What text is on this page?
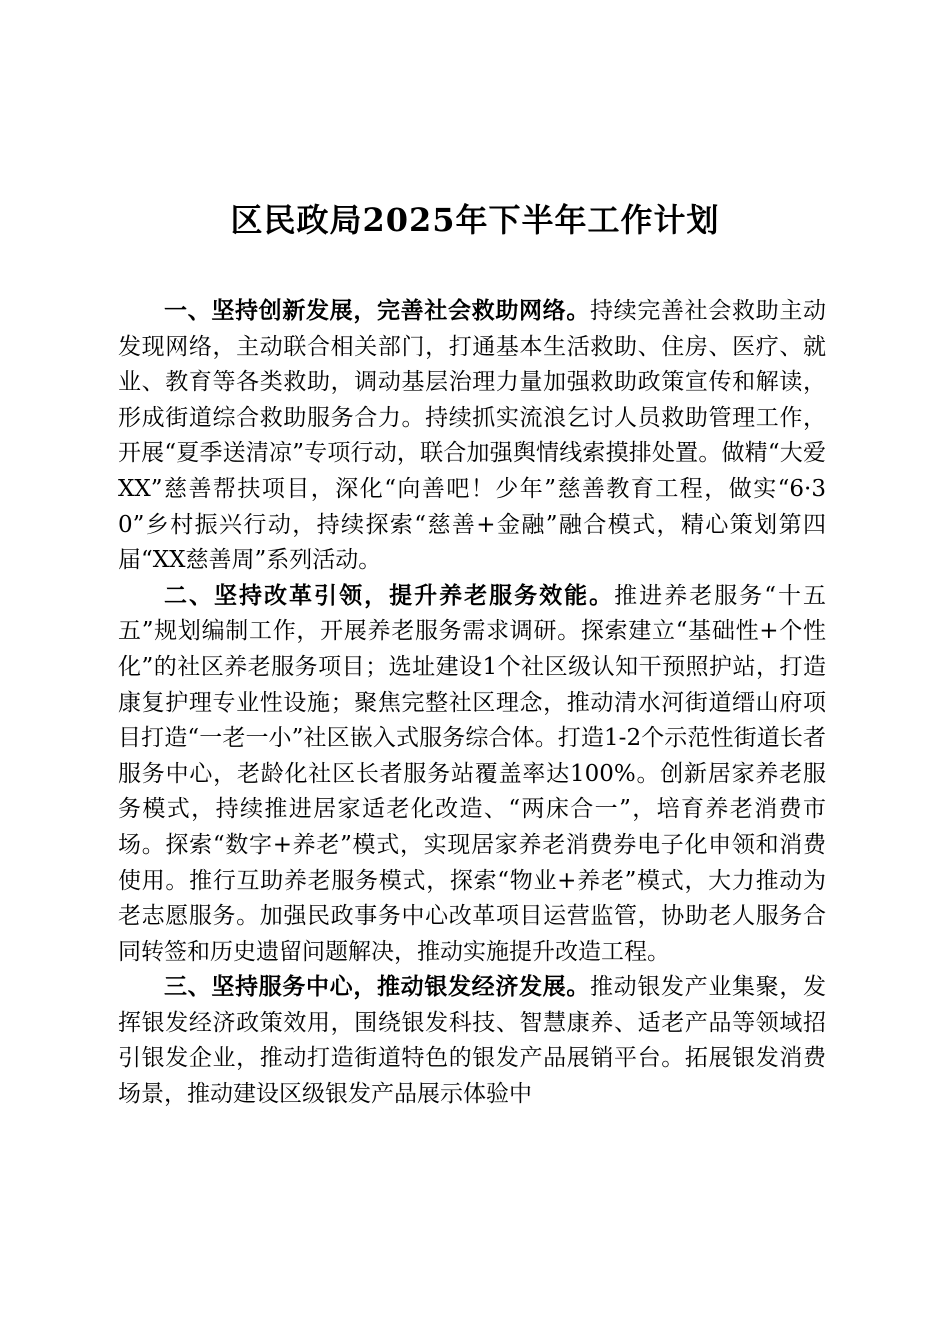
区民政局2025年下半年工作计划

一、坚持创新发展，完善社会救助网络。持续完善社会救助主动发现网络，主动联合相关部门，打通基本生活救助、住房、医疗、就业、教育等各类救助，调动基层治理力量加强救助政策宣传和解读，形成街道综合救助服务合力。持续抓实流浪乞讨人员救助管理工作，开展“夏季送清凉”专项行动，联合加强舆情线索摸排处置。做精“大爱XX”慈善帮扶项目，深化“向善吧！少年”慈善教育工程，做实“6·30”乡村振兴行动，持续探索“慈善+金融”融合模式，精心策划第四届“XX慈善周”系列活动。

二、坚持改革引领，提升养老服务效能。推进养老服务“十五五”规划编制工作，开展养老服务需求调研。探索建立“基础性+个性化”的社区养老服务项目；选址建设1个社区级认知干预照护站，打造康复护理专业性设施；聚焦完整社区理念，推动清水河街道缙山府项目打造“一老一小”社区嵌入式服务综合体。打造1-2个示范性街道长者服务中心，老龄化社区长者服务站覆盖率达100%。创新居家养老服务模式，持续推进居家适老化改造、“两床合一”，培育养老消费市场。探索“数字+养老”模式，实现居家养老消费券电子化申领和消费使用。推行互助养老服务模式，探索“物业+养老”模式，大力推动为老志愿服务。加强民政事务中心改革项目运营监管，协助老人服务合同转签和历史遗留问题解决，推动实施提升改造工程。

三、坚持服务中心，推动银发经济发展。推动银发产业集聚，发挥银发经济政策效用，围绕银发科技、智慧康养、适老产品等领域招引银发企业，推动打造街道特色的银发产品展销平台。拓展银发消费场景，推动建设区级银发产品展示体验中
